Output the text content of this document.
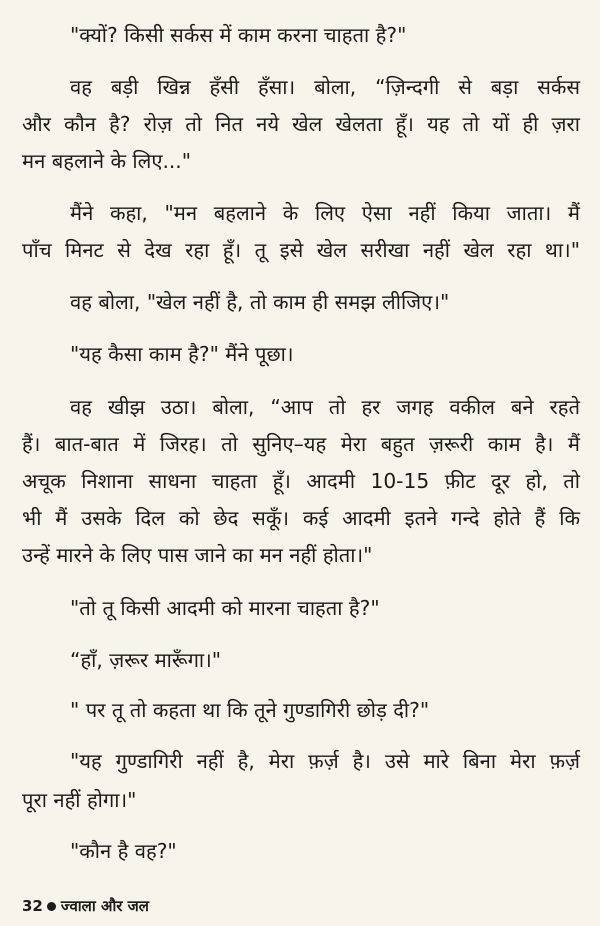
"क्यों? किसी सर्कस में काम करना चाहता है?"
वह बड़ी खिन्न हँसी हँसा। बोला, “ज़िन्दगी से बड़ा सर्कस
और कौन है? रोज़ तो नित नये खेल खेलता हूँ। यह तो यों ही ज़रा
मन बहलाने के लिए..."
मैंने कहा, "मन बहलाने के लिए ऐसा नहीं किया जाता। मैं
पाँच मिनट से देख रहा हूँ। तू इसे खेल सरीखा नहीं खेल रहा था।"
वह बोला, "खेल नहीं है, तो काम ही समझ लीजिए।"
"यह कैसा काम है?" मैंने पूछा।
वह खीझ उठा। बोला, “आप तो हर जगह वकील बने रहते
हैं। बात-बात में जिरह। तो सुनिए–यह मेरा बहुत ज़रूरी काम है। मैं
अचूक निशाना साधना चाहता हूँ। आदमी 10-15 फ़ीट दूर हो, तो
भी मैं उसके दिल को छेद सकूँ। कई आदमी इतने गन्दे होते हैं कि
उन्हें मारने के लिए पास जाने का मन नहीं होता।"
"तो तू किसी आदमी को मारना चाहता है?"
“हाँ, ज़रूर मारूँगा।"
" पर तू तो कहता था कि तूने गुण्डागिरी छोड़ दी?"
"यह गुण्डागिरी नहीं है, मेरा फ़र्ज़ है। उसे मारे बिना मेरा फ़र्ज़
पूरा नहीं होगा।"
"कौन है वह?"
32 ज्वाला और जल
